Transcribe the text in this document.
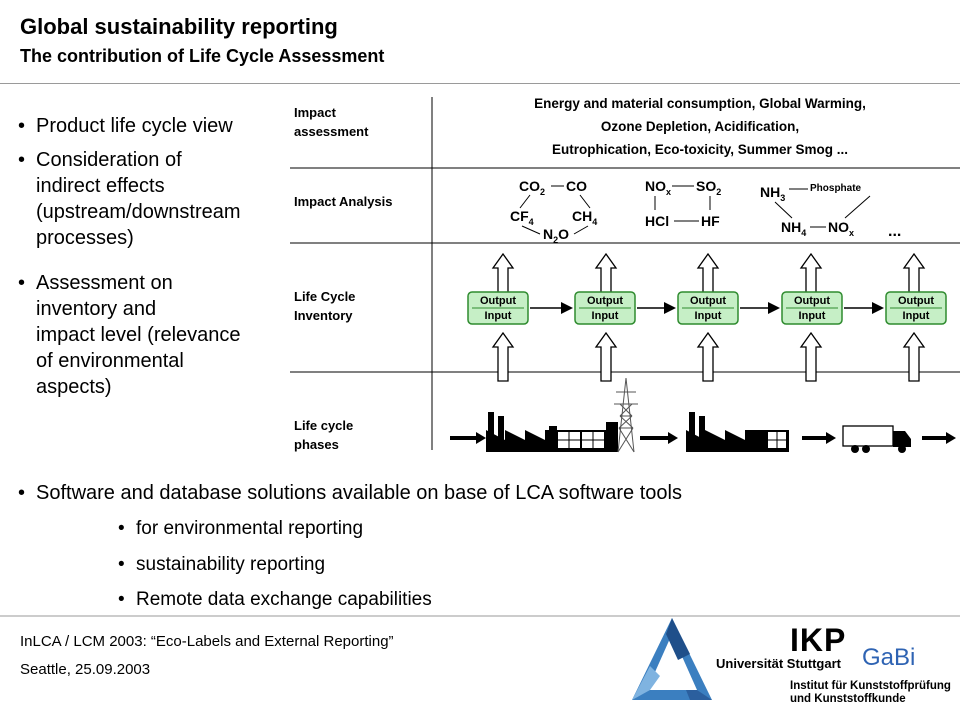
Global sustainability reporting
The contribution of Life Cycle Assessment
• Product life cycle view
• Consideration of
indirect effects
(upstream/downstream
processes)
• Assessment on
inventory and
impact level (relevance
of environmental
aspects)
Impact
assessment
Impact Analysis
Life Cycle
Inventory
Life cycle
phases
Energy and material consumption, Global Warming,
Ozone Depletion, Acidification,
Eutrophication, Eco-toxicity, Summer Smog ...
$CO_2$ CO
$CF_4$	$CH_4$
$N_2O$
$NO_x$ $SO_2$
HCl HF
$NH_3$
Phosphate
$NH_4$ $NO_x$ ...
Output
Input
Output
Input
Output
Input
Output
Input
Output
Input
• Software and database solutions available on base of LCA software tools
• for environmental reporting
• sustainability reporting
• Remote data exchange capabilities
InLCA / LCM 2003: “Eco-Labels and External Reporting”
Seattle, 25.09.2003
IKP GaBi
Universität Stuttgart
Institut für Kunststoffprüfung
und Kunststoffkunde
